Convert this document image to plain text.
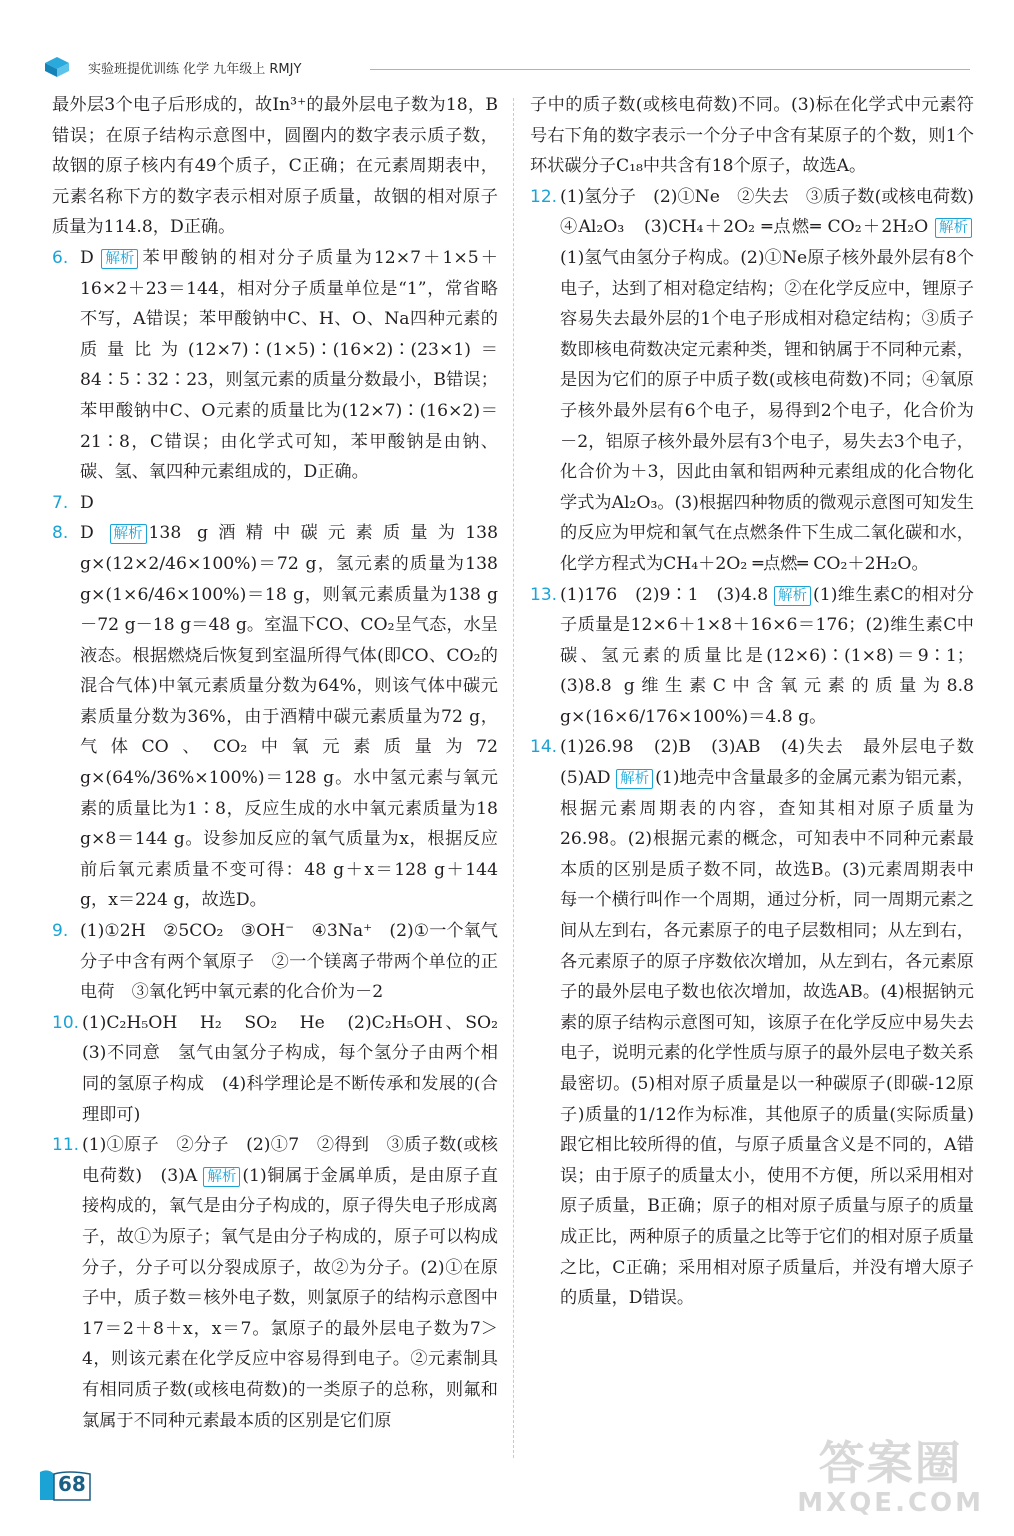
实验班提优训练 化学 九年级上 RMJY

最外层3个电子后形成的，故In³⁺的最外层电子数为18，B错误；在原子结构示意图中，圆圈内的数字表示质子数，故铟的原子核内有49个质子，C正确；在元素周期表中，元素名称下方的数字表示相对原子质量，故铟的相对原子质量为114.8，D正确。

6. D 解析 苯甲酸钠的相对分子质量为12×7＋1×5＋16×2＋23＝144，相对分子质量单位是“1”，常省略不写，A错误；苯甲酸钠中C、H、O、Na四种元素的质量比为(12×7)∶(1×5)∶(16×2)∶(23×1)＝84∶5∶32∶23，则氢元素的质量分数最小，B错误；苯甲酸钠中C、O元素的质量比为(12×7)∶(16×2)＝21∶8，C错误；由化学式可知，苯甲酸钠是由钠、碳、氢、氧四种元素组成的，D正确。
7. D
8. D 解析 138 g酒精中碳元素质量为138 g×(12×2/46×100%)＝72 g，氢元素的质量为138 g×(1×6/46×100%)＝18 g，则氧元素质量为138 g－72 g－18 g＝48 g。室温下CO、CO₂呈气态，水呈液态。根据燃烧后恢复到室温所得气体(即CO、CO₂的混合气体)中氧元素质量分数为64%，则该气体中碳元素质量分数为36%，由于酒精中碳元素质量为72 g，气体CO、CO₂中氧元素质量为72 g×(64%/36%×100%)＝128 g。水中氢元素与氧元素的质量比为1∶8，反应生成的水中氧元素质量为18 g×8＝144 g。设参加反应的氧气质量为x，根据反应前后氧元素质量不变可得：48 g＋x＝128 g＋144 g，x＝224 g，故选D。
9. (1)①2H　②5CO₂　③OH⁻　④3Na⁺　(2)①一个氧气分子中含有两个氧原子　②一个镁离子带两个单位的正电荷　③氧化钙中氧元素的化合价为－2
10. (1)C₂H₅OH　H₂　SO₂　He　(2)C₂H₅OH、SO₂　(3)不同意　氢气由氢分子构成，每个氢分子由两个相同的氢原子构成　(4)科学理论是不断传承和发展的(合理即可)
11. (1)①原子　②分子　(2)①7　②得到　③质子数(或核电荷数)　(3)A 解析 (1)铜属于金属单质，是由原子直接构成的，氧气是由分子构成的，原子得失电子形成离子，故①为原子；氧气是由分子构成的，原子可以构成分子，分子可以分裂成原子，故②为分子。(2)①在原子中，质子数＝核外电子数，则氯原子的结构示意图中17＝2＋8＋x，x＝7。氯原子的最外层电子数为7＞4，则该元素在化学反应中容易得到电子。②元素制具有相同质子数(或核电荷数)的一类原子的总称，则氟和氯属于不同种元素最本质的区别是它们原

子中的质子数(或核电荷数)不同。(3)标在化学式中元素符号右下角的数字表示一个分子中含有某原子的个数，则1个环状碳分子C₁₈中共含有18个原子，故选A。

12. (1)氢分子　(2)①Ne　②失去　③质子数(或核电荷数)　④Al₂O₃　(3)CH₄＋2O₂ ═点燃═ CO₂＋2H₂O 解析(1)氢气由氢分子构成。(2)①Ne原子核外最外层有8个电子，达到了相对稳定结构；②在化学反应中，锂原子容易失去最外层的1个电子形成相对稳定结构；③质子数即核电荷数决定元素种类，锂和钠属于不同种元素，是因为它们的原子中质子数(或核电荷数)不同；④氧原子核外最外层有6个电子，易得到2个电子，化合价为－2，铝原子核外最外层有3个电子，易失去3个电子，化合价为＋3，因此由氧和铝两种元素组成的化合物化学式为Al₂O₃。(3)根据四种物质的微观示意图可知发生的反应为甲烷和氧气在点燃条件下生成二氧化碳和水，化学方程式为CH₄＋2O₂ ═点燃═ CO₂＋2H₂O。
13. (1)176　(2)9∶1　(3)4.8 解析 (1)维生素C的相对分子质量是12×6＋1×8＋16×6＝176；(2)维生素C中碳、氢元素的质量比是(12×6)∶(1×8)＝9∶1；(3)8.8 g维生素C中含氧元素的质量为8.8 g×(16×6/176×100%)＝4.8 g。
14. (1)26.98　(2)B　(3)AB　(4)失去　最外层电子数　(5)AD 解析 (1)地壳中含量最多的金属元素为铝元素，根据元素周期表的内容，查知其相对原子质量为26.98。(2)根据元素的概念，可知表中不同种元素最本质的区别是质子数不同，故选B。(3)元素周期表中每一个横行叫作一个周期，通过分析，同一周期元素之间从左到右，各元素原子的电子层数相同；从左到右，各元素原子的原子序数依次增加，从左到右，各元素原子的最外层电子数也依次增加，故选AB。(4)根据钠元素的原子结构示意图可知，该原子在化学反应中易失去电子，说明元素的化学性质与原子的最外层电子数关系最密切。(5)相对原子质量是以一种碳原子(即碳-12原子)质量的1/12作为标准，其他原子的质量(实际质量)跟它相比较所得的值，与原子质量含义是不同的，A错误；由于原子的质量太小，使用不方便，所以采用相对原子质量，B正确；原子的相对原子质量与原子的质量成正比，两种原子的质量之比等于它们的相对原子质量之比，C正确；采用相对原子质量后，并没有增大原子的质量，D错误。
68	答案圈
MXQE.COM
